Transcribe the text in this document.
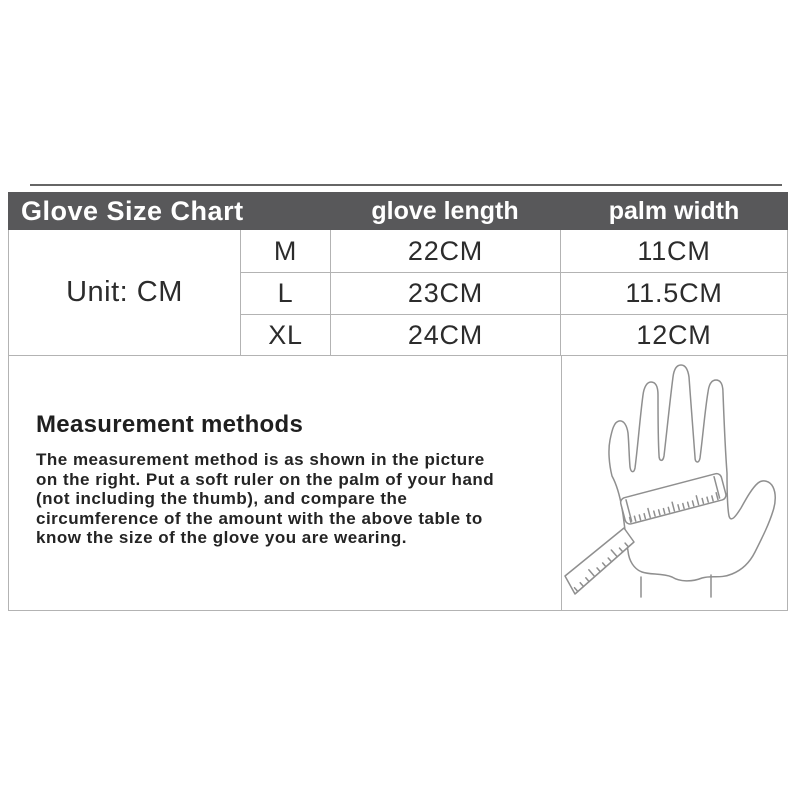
Glove Size Chart	glove length	palm width
Unit: CM
M	22CM	11CM
L	23CM	11.5CM
XL	24CM	12CM
Measurement methods
The measurement method is as shown in the picture
on the right. Put a soft ruler on the palm of your hand
(not including the thumb), and compare the
circumference of the amount with the above table to
know the size of the glove you are wearing.
